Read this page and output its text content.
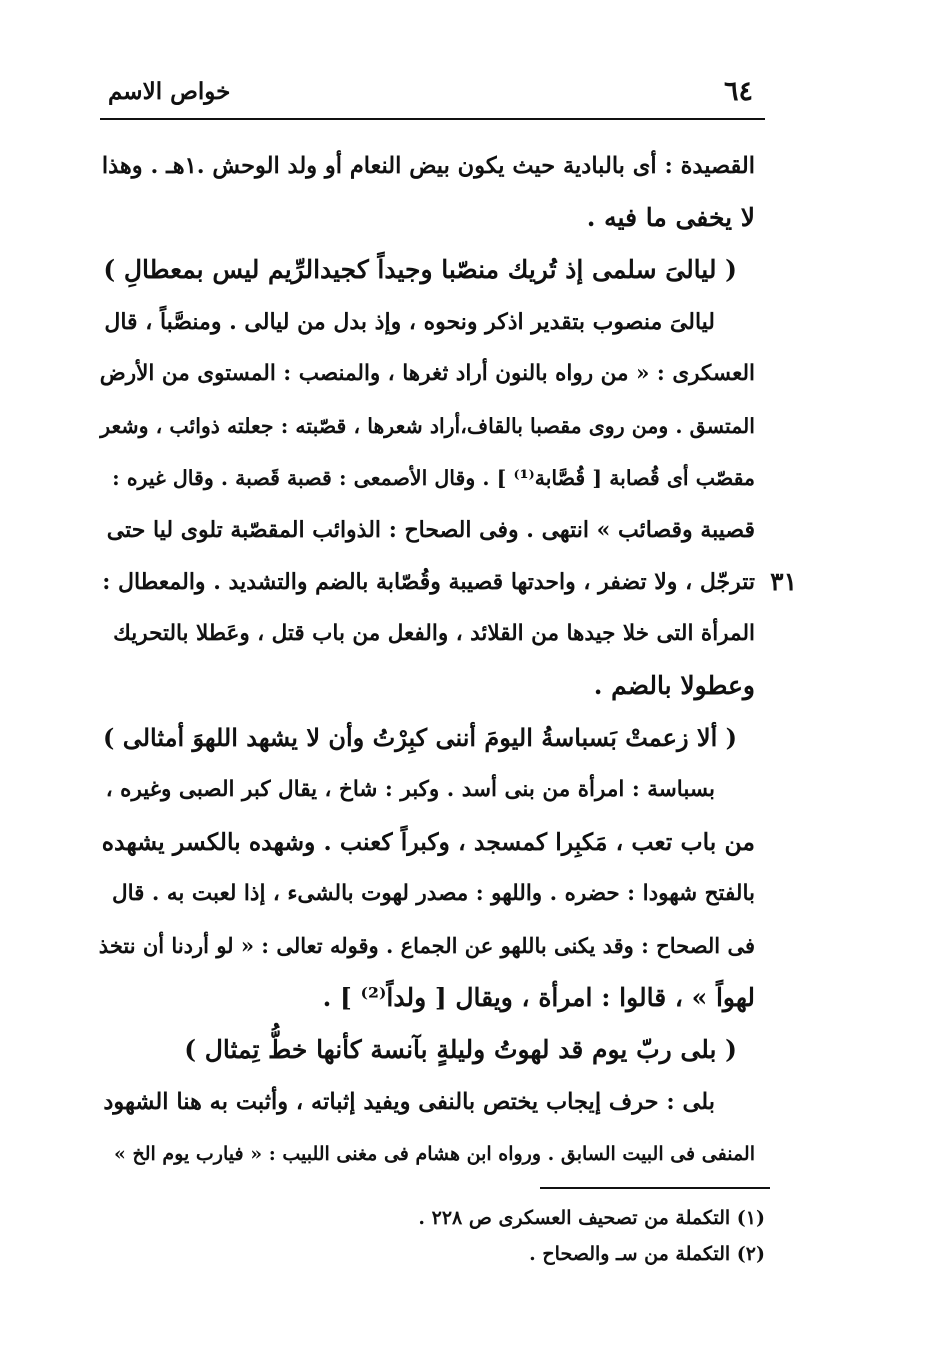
٦٤
خواص الاسم
القصيدة : أى بالبادية حيث يكون بيض النعام أو ولد الوحش .١هـ . وهذا
لا يخفى ما فيه .
( ليالىَ سلمى إذ تُريك منصّبا وجيداً كجيدالرِّيم ليس بمعطالِ )
ليالىَ منصوب بتقدير اذكر ونحوه ، وإذ بدل من ليالى . ومنصَّباً ، قال
العسكرى : « من رواه بالنون أراد ثغرها ، والمنصب : المستوى من الأرض
المتسق . ومن روى مقصبا بالقاف،أراد شعرها ، قصّبته : جعلته ذوائب ، وشعر
مقصّب أى قُصابة [ قُصَّابة⁽¹⁾ ] . وقال الأصمعى : قصبة قَصبة . وقال غيره :
قصيبة وقصائب » انتهى . وفى الصحاح : الذوائب المقصّبة تلوى ليا حتى
٣١
تترجّل ، ولا تضفر ، واحدتها قصيبة وقُصّابة بالضم والتشديد . والمعطال :
المرأة التى خلا جيدها من القلائد ، والفعل من باب قتل ، وعَطلا بالتحريك
وعطولا بالضم .
( ألا زعمتْ بَسباسةُ اليومَ أننى كبِرْتُ وأن لا يشهد اللهوَ أمثالى )
بسباسة : امرأة من بنى أسد . وكبر : شاخ ، يقال كبر الصبى وغيره ،
من باب تعب ، مَكبِرا كمسجد ، وكبراً كعنب . وشهده بالكسر يشهده
بالفتح شهودا : حضره . واللهو : مصدر لهوت بالشىء ، إذا لعبت به . قال
فى الصحاح : وقد يكنى باللهو عن الجماع . وقوله تعالى : « لو أردنا أن نتخذ
لهواً » ، قالوا : امرأة ، ويقال [ ولداً⁽²⁾ ] .
( بلى ربّ يوم قد لهوتُ وليلةٍ بآنسة كأنها خطُّ تِمثال )
بلى : حرف إيجاب يختص بالنفى ويفيد إثباته ، وأثبت به هنا الشهود
المنفى فى البيت السابق . ورواه ابن هشام فى مغنى اللبيب : « فيارب يوم الخ »
(١) التكملة من تصحيف العسكرى ص ٢٢٨ .
(٢) التكملة من سـ والصحاح .
